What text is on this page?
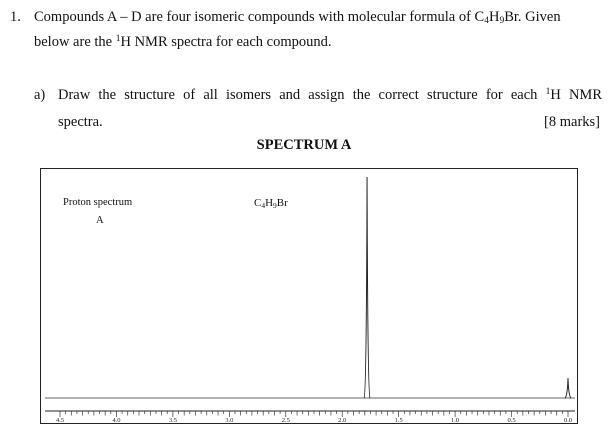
1. Compounds A – D are four isomeric compounds with molecular formula of $C_4H_9Br$. Given
below are the $^1$H NMR spectra for each compound.
a) Draw the structure of all isomers and assign the correct structure for each $^1$H NMR
spectra.	[8 marks]
SPECTRUM A
Proton spectrum
A
$C_4H_9Br$
4.5	4.0	3.5	3.0	2.5	2.0	1.5	1.0	0.5	0.0
